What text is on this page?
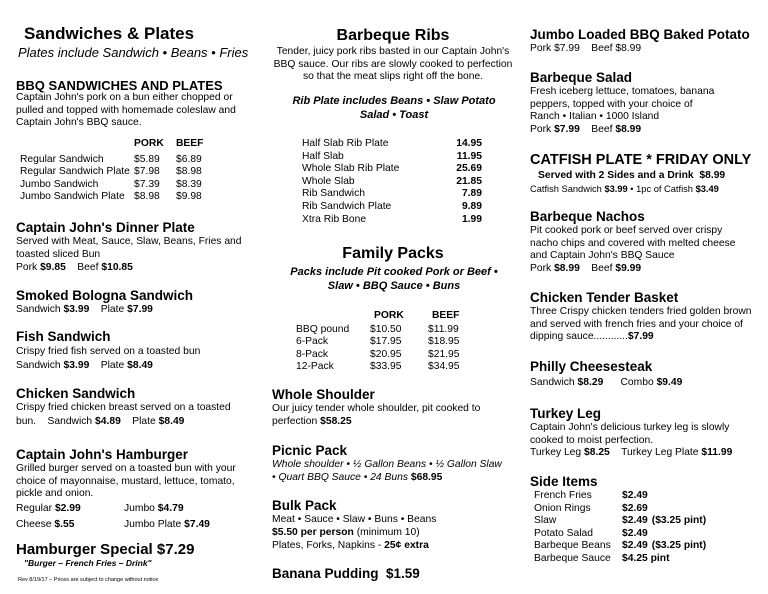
Sandwiches & Plates
Plates include Sandwich • Beans • Fries
BBQ SANDWICHES AND PLATES
Captain John's pork on a bun either chopped or pulled and topped with homemade coleslaw and Captain John's BBQ sauce.
PORK	BEEF
Regular Sandwich	$5.89	$6.89
Regular Sandwich Plate $7.98	$8.98
Jumbo Sandwich	$7.39	$8.39
Jumbo Sandwich Plate $8.98	$9.98
Captain John's Dinner Plate
Served with Meat, Sauce, Slaw, Beans, Fries and toasted sliced Bun
Pork $9.85 Beef $10.85
Smoked Bologna Sandwich
Sandwich $3.99 Plate $7.99
Fish Sandwich
Crispy fried fish served on a toasted bun
Sandwich $3.99 Plate $8.49
Chicken Sandwich
Crispy fried chicken breast served on a toasted
bun. Sandwich $4.89 Plate $8.49
Captain John's Hamburger
Grilled burger served on a toasted bun with your choice of mayonnaise, mustard, lettuce, tomato, pickle and onion.
Regular $2.99	Jumbo $4.79
Cheese $.55	Jumbo Plate $7.49
Hamburger Special $7.29
"Burger – French Fries – Drink"
Rev 8/19/17 – Prices are subject to change without notice
Barbeque Ribs
Tender, juicy pork ribs basted in our Captain John's BBQ sauce. Our ribs are slowly cooked to perfection so that the meat slips right off the bone.
Rib Plate includes Beans • Slaw Potato Salad • Toast
Half Slab Rib Plate	14.95
Half Slab	11.95
Whole Slab Rib Plate	25.69
Whole Slab	21.85
Rib Sandwich	7.89
Rib Sandwich Plate	9.89
Xtra Rib Bone	1.99
Family Packs
Packs include Pit cooked Pork or Beef • Slaw • BBQ Sauce • Buns
PORK	BEEF
BBQ pound	$10.50	$11.99
6-Pack	$17.95	$18.95
8-Pack	$20.95	$21.95
12-Pack	$33.95	$34.95
Whole Shoulder
Our juicy tender whole shoulder, pit cooked to perfection $58.25
Picnic Pack
Whole shoulder • ½ Gallon Beans • ½ Gallon Slaw
• Quart BBQ Sauce • 24 Buns $68.95
Bulk Pack
Meat • Sauce • Slaw • Buns • Beans
$5.50 per person (minimum 10)
Plates, Forks, Napkins - 25¢ extra
Banana Pudding $1.59
Jumbo Loaded BBQ Baked Potato
Pork $7.99 Beef $8.99
Barbeque Salad
Fresh iceberg lettuce, tomatoes, banana peppers, topped with your choice of
Ranch • Italian • 1000 Island
Pork $7.99 Beef $8.99
CATFISH PLATE * FRIDAY ONLY
Served with 2 Sides and a Drink $8.99
Catfish Sandwich $3.99 • 1pc of Catfish $3.49
Barbeque Nachos
Pit cooked pork or beef served over crispy nacho chips and covered with melted cheese and Captain John's BBQ Sauce
Pork $8.99 Beef $9.99
Chicken Tender Basket
Three Crispy chicken tenders fried golden brown and served with french fries and your choice of
dipping sauce............$7.99
Philly Cheesesteak
Sandwich $8.29 Combo $9.49
Turkey Leg
Captain John's delicious turkey leg is slowly cooked to moist perfection.
Turkey Leg $8.25 Turkey Leg Plate $11.99
Side Items
French Fries	$2.49
Onion Rings	$2.69
Slaw	$2.49 ($3.25 pint)
Potato Salad	$2.49
Barbeque Beans	$2.49 ($3.25 pint)
Barbeque Sauce	$4.25 pint
